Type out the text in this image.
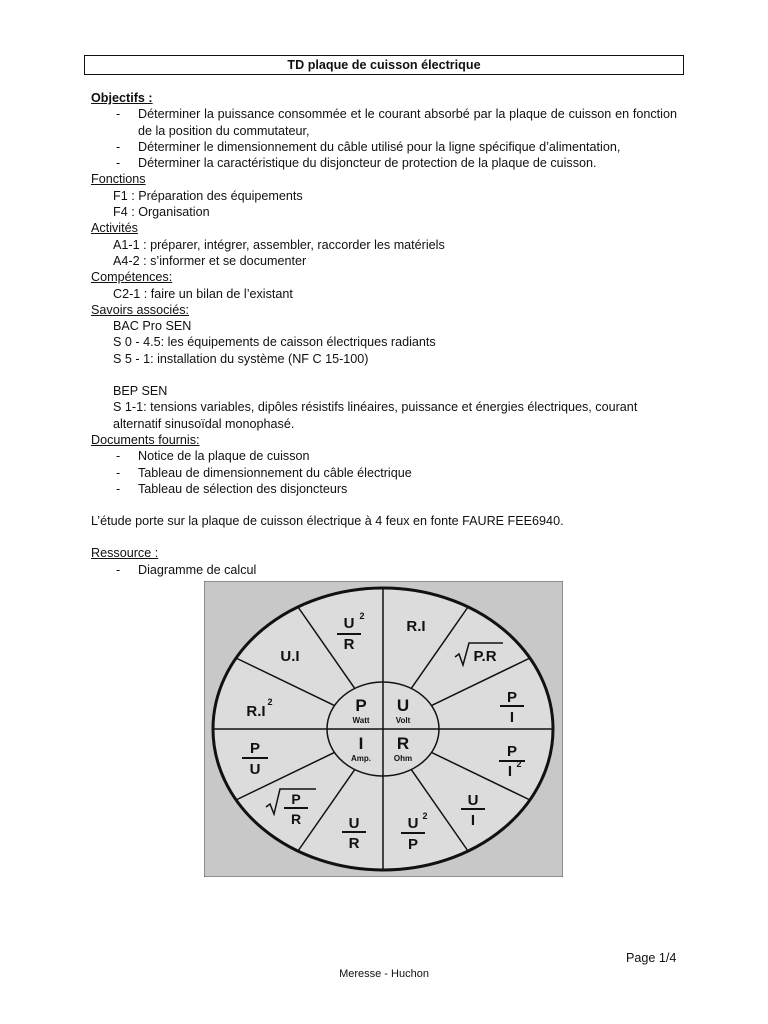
TD plaque de cuisson électrique
Objectifs :
- Déterminer la puissance consommée et le courant absorbé par la plaque de cuisson en fonction de la position du commutateur,
- Déterminer le dimensionnement du câble utilisé pour la ligne spécifique d’alimentation,
- Déterminer la caractéristique du disjoncteur de protection de la plaque de cuisson.
Fonctions
F1 : Préparation des équipements
F4 : Organisation
Activités
A1-1 : préparer, intégrer, assembler, raccorder les matériels
A4-2 : s’informer et se documenter
Compétences:
C2-1 : faire un bilan de l’existant
Savoirs associés:
BAC Pro SEN
S 0 - 4.5: les équipements de caisson électriques radiants
S 5 - 1: installation du système (NF C 15-100)
BEP SEN
S 1-1: tensions variables, dipôles résistifs linéaires, puissance et énergies électriques, courant alternatif sinusoïdal monophasé.
Documents fournis:
- Notice de la plaque de cuisson
- Tableau de dimensionnement du câble électrique
- Tableau de sélection des disjoncteurs
L’étude porte sur la plaque de cuisson électrique à 4 feux en fonte FAURE FEE6940.
Ressource :
- Diagramme de calcul
P
Watt
U
Volt
I
Amp.
R
Ohm
U 2
R
U.I
R.I
P.R
R.I
2	P
I
P
U
P
I 2
P
R	U
R
U 2
P
U
I
Page 1/4
Meresse - Huchon
